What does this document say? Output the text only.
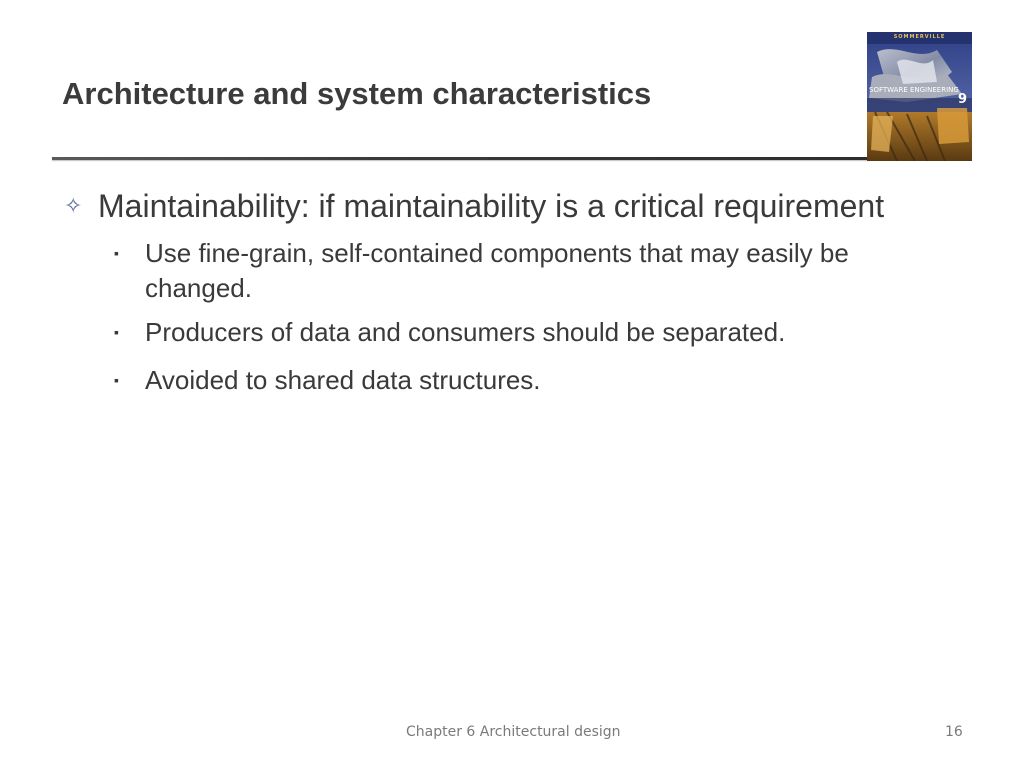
Architecture and system characteristics
SOMMERVILLE
SOFTWARE ENGINEERING
9
✧ Maintainability: if maintainability is a critical requirement
▪	Use fine-grain, self-contained components that may easily be changed.
▪	Producers of data and consumers should be separated.
▪	Avoided to shared data structures.
Chapter 6 Architectural design	16
